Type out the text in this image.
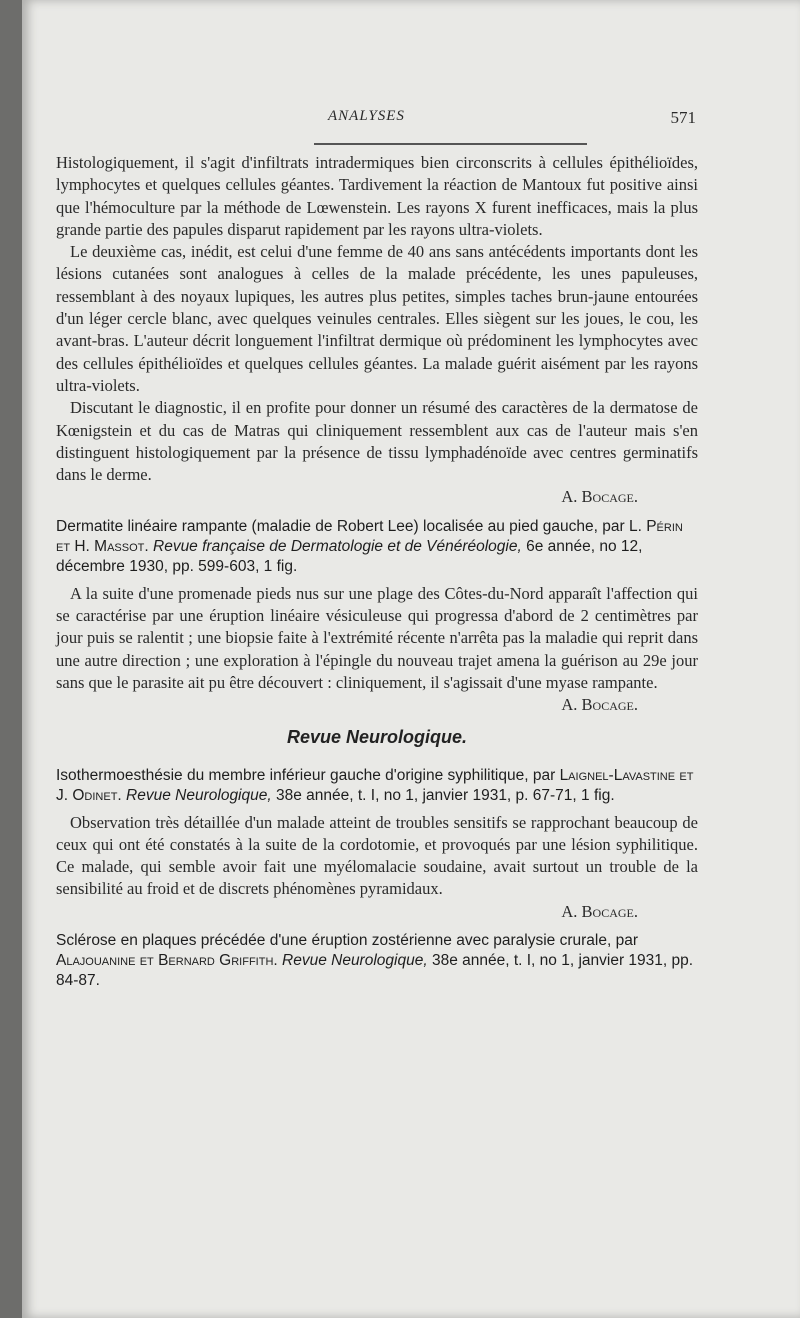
ANALYSES	571

Histologiquement, il s'agit d'infiltrats intradermiques bien circonscrits à cellules épithélioïdes, lymphocytes et quelques cellules géantes. Tardivement la réaction de Mantoux fut positive ainsi que l'hémoculture par la méthode de Lœwenstein. Les rayons X furent inefficaces, mais la plus grande partie des papules disparut rapidement par les rayons ultra-violets.

Le deuxième cas, inédit, est celui d'une femme de 40 ans sans antécédents importants dont les lésions cutanées sont analogues à celles de la malade précédente, les unes papuleuses, ressemblant à des noyaux lupiques, les autres plus petites, simples taches brun-jaune entourées d'un léger cercle blanc, avec quelques veinules centrales. Elles siègent sur les joues, le cou, les avant-bras. L'auteur décrit longuement l'infiltrat dermique où prédominent les lymphocytes avec des cellules épithélioïdes et quelques cellules géantes. La malade guérit aisément par les rayons ultra-violets.

Discutant le diagnostic, il en profite pour donner un résumé des caractères de la dermatose de Kœnigstein et du cas de Matras qui cliniquement ressemblent aux cas de l'auteur mais s'en distinguent histologiquement par la présence de tissu lymphadénoïde avec centres germinatifs dans le derme.

A. Bocage.

Dermatite linéaire rampante (maladie de Robert Lee) localisée au pied gauche, par L. Périn et H. Massot. Revue française de Dermatologie et de Vénéréologie, 6e année, no 12, décembre 1930, pp. 599-603, 1 fig.

A la suite d'une promenade pieds nus sur une plage des Côtes-du-Nord apparaît l'affection qui se caractérise par une éruption linéaire vésiculeuse qui progressa d'abord de 2 centimètres par jour puis se ralentit ; une biopsie faite à l'extrémité récente n'arrêta pas la maladie qui reprit dans une autre direction ; une exploration à l'épingle du nouveau trajet amena la guérison au 29e jour sans que le parasite ait pu être découvert : cliniquement, il s'agissait d'une myase rampante.

A. Bocage.

Revue Neurologique.
Isothermoesthésie du membre inférieur gauche d'origine syphilitique, par Laignel-Lavastine et J. Odinet. Revue Neurologique, 38e année, t. I, no 1, janvier 1931, p. 67-71, 1 fig.

Observation très détaillée d'un malade atteint de troubles sensitifs se rapprochant beaucoup de ceux qui ont été constatés à la suite de la cordotomie, et provoqués par une lésion syphilitique. Ce malade, qui semble avoir fait une myélomalacie soudaine, avait surtout un trouble de la sensibilité au froid et de discrets phénomènes pyramidaux.

A. Bocage.

Sclérose en plaques précédée d'une éruption zostérienne avec paralysie crurale, par Alajouanine et Bernard Griffith. Revue Neurologique, 38e année, t. I, no 1, janvier 1931, pp. 84-87.
